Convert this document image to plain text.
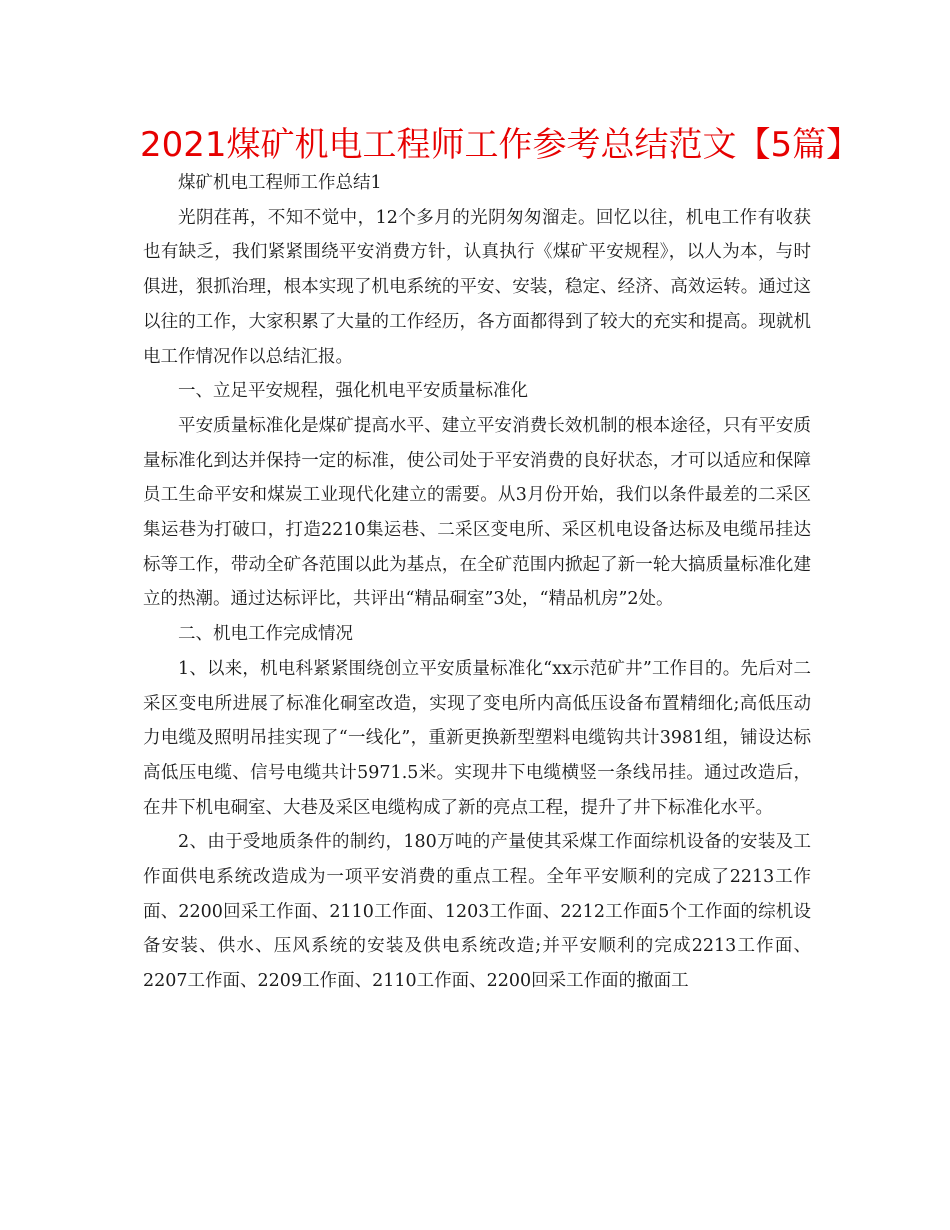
2021煤矿机电工程师工作参考总结范文【5篇】

煤矿机电工程师工作总结1

光阴荏苒，不知不觉中，12个多月的光阴匆匆溜走。回忆以往，机电工作有收获也有缺乏，我们紧紧围绕平安消费方针，认真执行《煤矿平安规程》，以人为本，与时俱进，狠抓治理，根本实现了机电系统的平安、安装，稳定、经济、高效运转。通过这以往的工作，大家积累了大量的工作经历，各方面都得到了较大的充实和提高。现就机电工作情况作以总结汇报。

一、立足平安规程，强化机电平安质量标准化

平安质量标准化是煤矿提高水平、建立平安消费长效机制的根本途径，只有平安质量标准化到达并保持一定的标准，使公司处于平安消费的良好状态，才可以适应和保障员工生命平安和煤炭工业现代化建立的需要。从3月份开始，我们以条件最差的二采区集运巷为打破口，打造2210集运巷、二采区变电所、采区机电设备达标及电缆吊挂达标等工作，带动全矿各范围以此为基点，在全矿范围内掀起了新一轮大搞质量标准化建立的热潮。通过达标评比，共评出“精品硐室”3处，“精品机房”2处。

二、机电工作完成情况

1、以来，机电科紧紧围绕创立平安质量标准化“xx示范矿井”工作目的。先后对二采区变电所进展了标准化硐室改造，实现了变电所内高低压设备布置精细化;高低压动力电缆及照明吊挂实现了“一线化”，重新更换新型塑料电缆钩共计3981组，铺设达标高低压电缆、信号电缆共计5971.5米。实现井下电缆横竖一条线吊挂。通过改造后，在井下机电硐室、大巷及采区电缆构成了新的亮点工程，提升了井下标准化水平。

2、由于受地质条件的制约，180万吨的产量使其采煤工作面综机设备的安装及工作面供电系统改造成为一项平安消费的重点工程。全年平安顺利的完成了2213工作面、2200回采工作面、2110工作面、1203工作面、2212工作面5个工作面的综机设备安装、供水、压风系统的安装及供电系统改造;并平安顺利的完成2213工作面、2207工作面、2209工作面、2110工作面、2200回采工作面的撤面工
